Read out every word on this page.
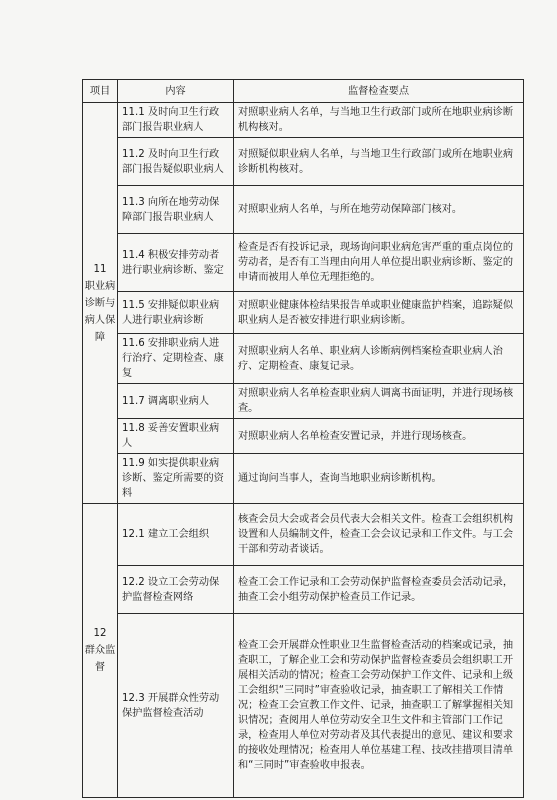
项目	内容	监督检查要点

11
职业病诊断与病人保障	11.1 及时向卫生行政部门报告职业病人	对照职业病人名单，与当地卫生行政部门或所在地职业病诊断机构核对。
	11.2 及时向卫生行政部门报告疑似职业病人	对照疑似职业病人名单，与当地卫生行政部门或所在地职业病诊断机构核对。
	11.3 向所在地劳动保障部门报告职业病人	对照职业病人名单，与所在地劳动保障部门核对。
	11.4 积极安排劳动者进行职业病诊断、鉴定	检查是否有投诉记录，现场询问职业病危害严重的重点岗位的劳动者，是否有工当理由向用人单位提出职业病诊断、鉴定的申请而被用人单位无理拒绝的。
	11.5 安排疑似职业病人进行职业病诊断	对照职业健康体检结果报告单或职业健康监护档案，追踪疑似职业病人是否被安排进行职业病诊断。
	11.6 安排职业病人进行治疗、定期检查、康复	对照职业病人名单、职业病人诊断病例档案检查职业病人治疗、定期检查、康复记录。
	11.7 调离职业病人	对照职业病人名单检查职业病人调离书面证明，并进行现场核查。
	11.8 妥善安置职业病人	对照职业病人名单检查安置记录，并进行现场核查。
	11.9 如实提供职业病诊断、鉴定所需要的资料	通过询问当事人，查询当地职业病诊断机构。

12
群众监督	12.1 建立工会组织	核查会员大会或者会员代表大会相关文件。检查工会组织机构设置和人员编制文件，检查工会会议记录和工作文件。与工会干部和劳动者谈话。
	12.2 设立工会劳动保护监督检查网络	检查工会工作记录和工会劳动保护监督检查委员会活动记录，抽查工会小组劳动保护检查员工作记录。
	12.3 开展群众性劳动保护监督检查活动	检查工会开展群众性职业卫生监督检查活动的档案或记录，抽查职工，了解企业工会和劳动保护监督检查委员会组织职工开展相关活动的情况；检查工会劳动保护工作文件、记录和上级工会组织“三同时”审查验收记录，抽查职工了解相关工作情况；检查工会宣教工作文件、记录，抽查职工了解掌握相关知识情况；查阅用人单位劳动安全卫生文件和主管部门工作记录，检查用人单位对劳动者及其代表提出的意见、建议和要求的接收处理情况；检查用人单位基建工程、技改挂措项目清单和“三同时”审查验收申报表。
